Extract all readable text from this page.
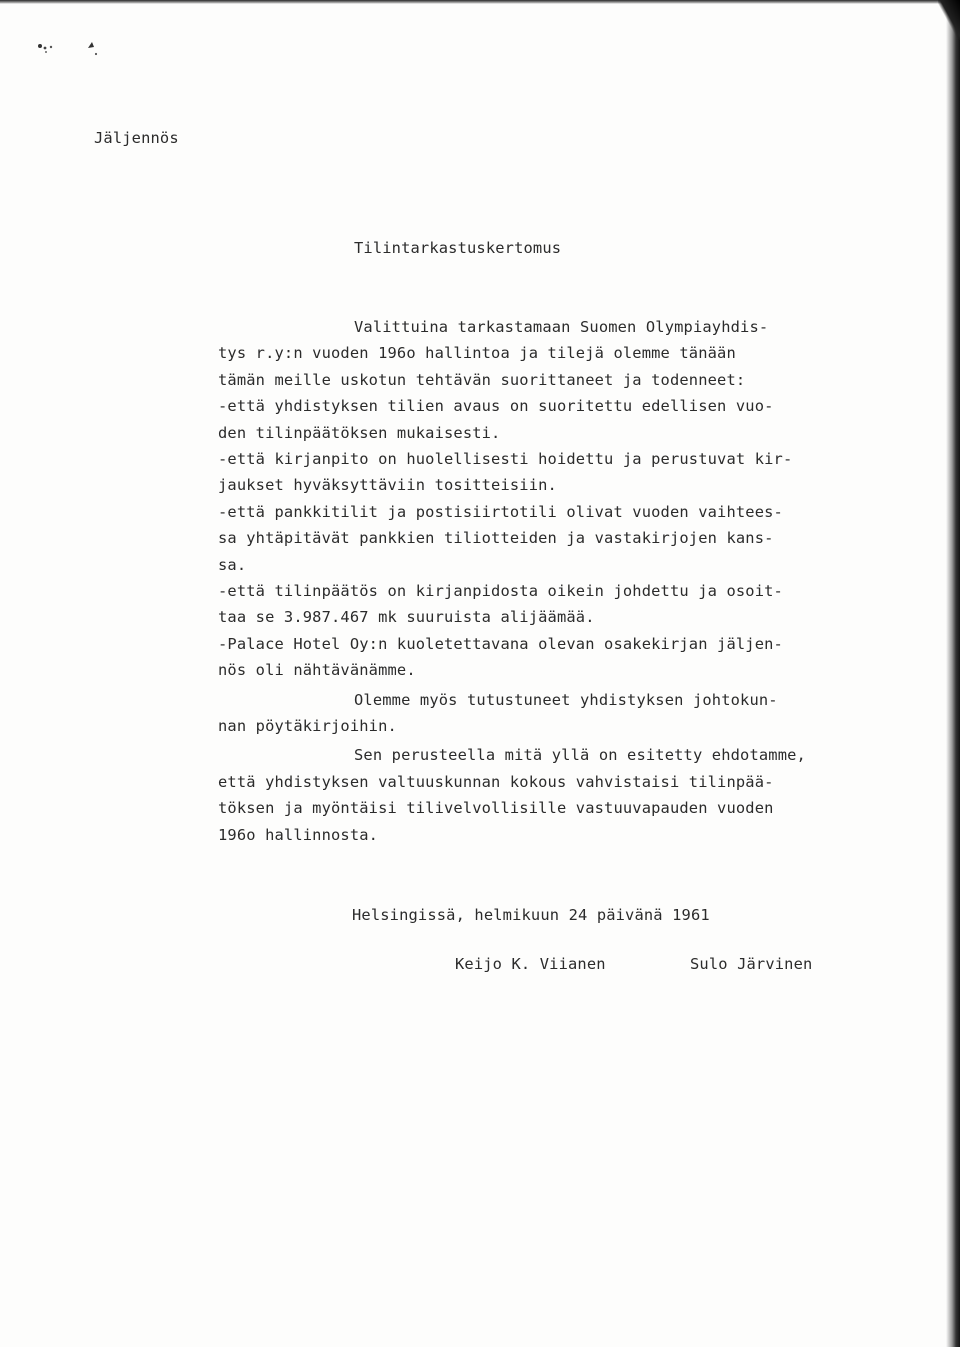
Jäljennös

Tilintarkastuskertomus

Valittuina tarkastamaan Suomen Olympiayhdis-

tys r.y:n vuoden 196o hallintoa ja tilejä olemme tänään

tämän meille uskotun tehtävän suorittaneet ja todenneet:

-että yhdistyksen tilien avaus on suoritettu edellisen vuo-

den tilinpäätöksen mukaisesti.

-että kirjanpito on huolellisesti hoidettu ja perustuvat kir-

jaukset hyväksyttäviin tositteisiin.

-että pankkitilit ja postisiirtotili olivat vuoden vaihtees-

sa yhtäpitävät pankkien tiliotteiden ja vastakirjojen kans-

sa.

-että tilinpäätös on kirjanpidosta oikein johdettu ja osoit-

taa se 3.987.467 mk suuruista alijäämää.

-Palace Hotel Oy:n kuoletettavana olevan osakekirjan jäljen-

nös oli nähtävänämme.

Olemme myös tutustuneet yhdistyksen johtokun-

nan pöytäkirjoihin.

Sen perusteella mitä yllä on esitetty ehdotamme,

että yhdistyksen valtuuskunnan kokous vahvistaisi tilinpää-

töksen ja myöntäisi tilivelvollisille vastuuvapauden vuoden

196o hallinnosta.

Helsingissä, helmikuun 24 päivänä 1961

Keijo K. Viianen	Sulo Järvinen
